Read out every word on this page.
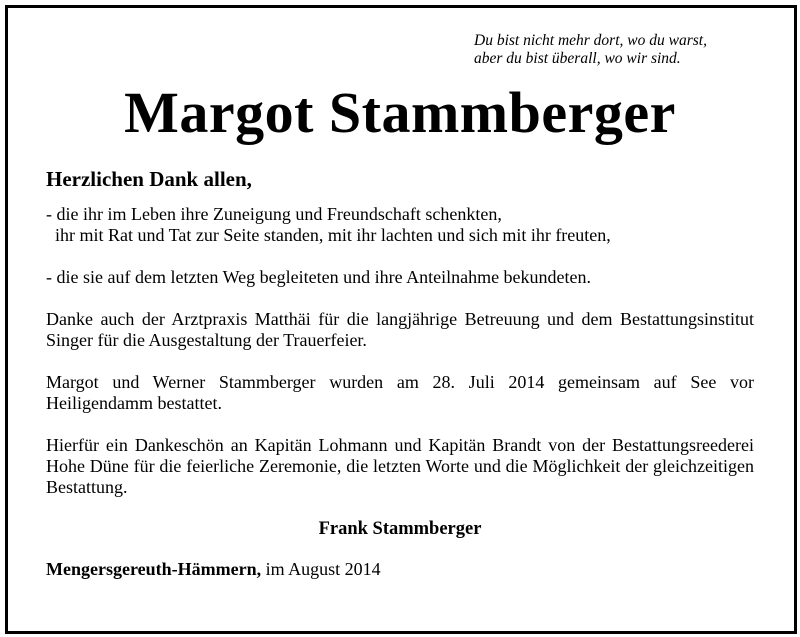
Du bist nicht mehr dort, wo du warst,
aber du bist überall, wo wir sind.
Margot Stammberger
Herzlichen Dank allen,
- die ihr im Leben ihre Zuneigung und Freundschaft schenkten,
ihr mit Rat und Tat zur Seite standen, mit ihr lachten und sich mit ihr freuten,
- die sie auf dem letzten Weg begleiteten und ihre Anteilnahme bekundeten.
Danke auch der Arztpraxis Matthäi für die langjährige Betreuung und dem Bestattungsinstitut Singer für die Ausgestaltung der Trauerfeier.
Margot und Werner Stammberger wurden am 28. Juli 2014 gemeinsam auf See vor Heiligendamm bestattet.
Hierfür ein Dankeschön an Kapitän Lohmann und Kapitän Brandt von der Bestattungsreederei Hohe Düne für die feierliche Zeremonie, die letzten Worte und die Möglichkeit der gleichzeitigen Bestattung.
Frank Stammberger
Mengersgereuth-Hämmern, im August 2014
